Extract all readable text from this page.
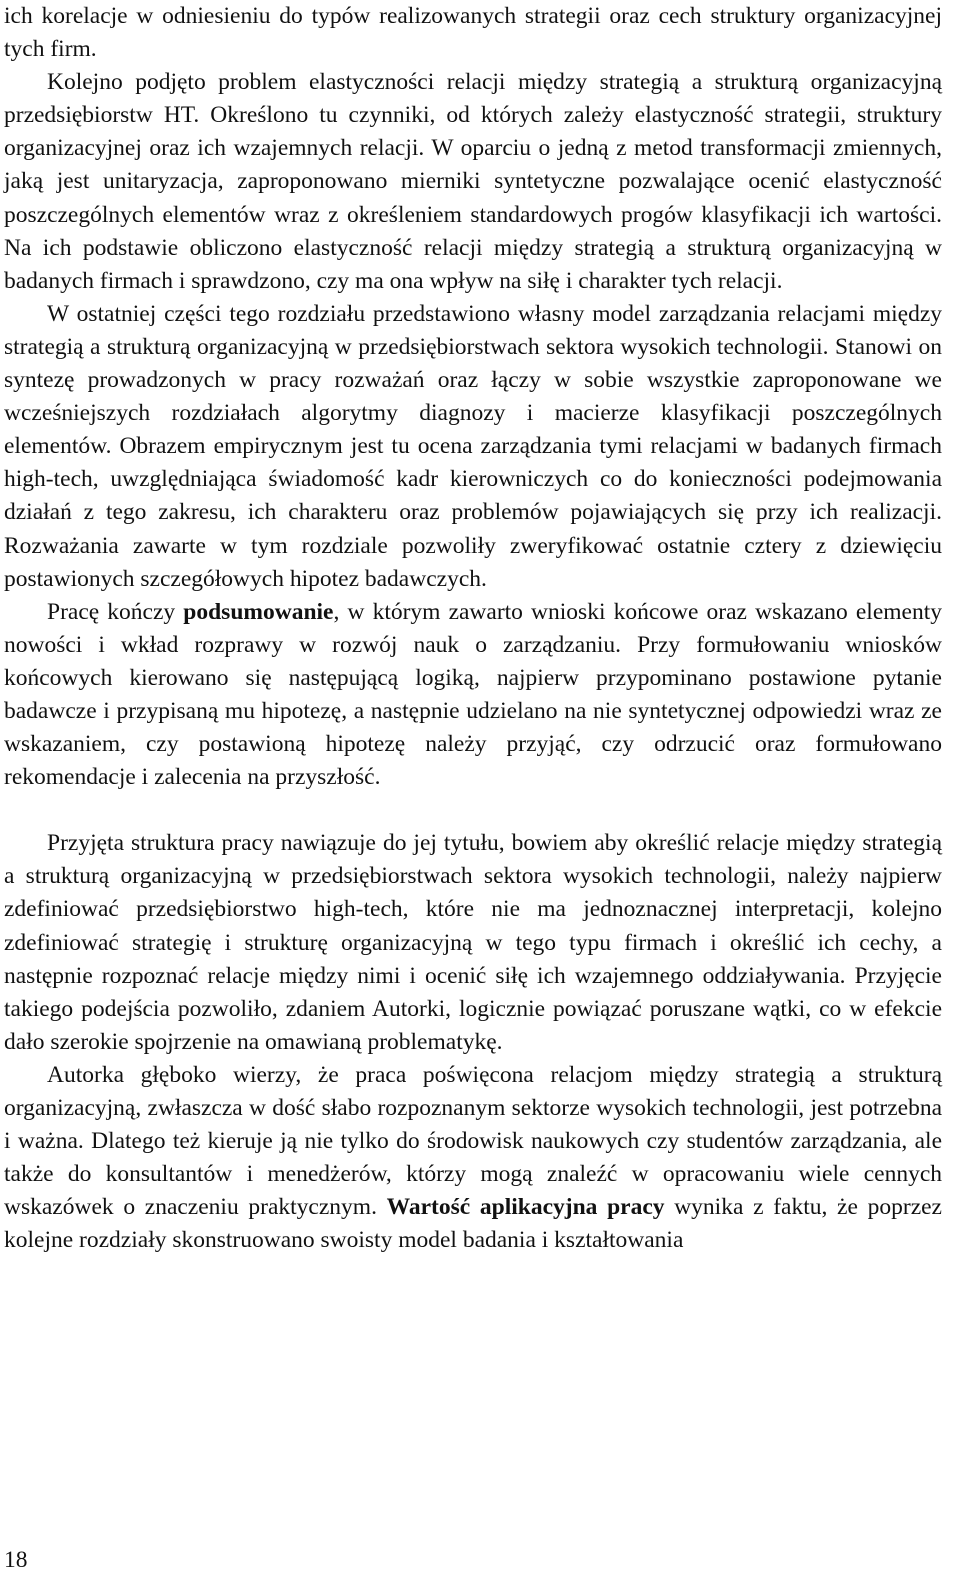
ich korelacje w odniesieniu do typów realizowanych strategii oraz cech struktury organizacyjnej tych firm.

Kolejno podjęto problem elastyczności relacji między strategią a strukturą organizacyjną przedsiębiorstw HT. Określono tu czynniki, od których zależy elastyczność strategii, struktury organizacyjnej oraz ich wzajemnych relacji. W oparciu o jedną z metod transformacji zmiennych, jaką jest unitaryzacja, zaproponowano mierniki syntetyczne pozwalające ocenić elastyczność poszczególnych elementów wraz z określeniem standardowych progów klasyfikacji ich wartości. Na ich podstawie obliczono elastyczność relacji między strategią a strukturą organizacyjną w badanych firmach i sprawdzono, czy ma ona wpływ na siłę i charakter tych relacji.

W ostatniej części tego rozdziału przedstawiono własny model zarządzania relacjami między strategią a strukturą organizacyjną w przedsiębiorstwach sektora wysokich technologii. Stanowi on syntezę prowadzonych w pracy rozważań oraz łączy w sobie wszystkie zaproponowane we wcześniejszych rozdziałach algorytmy diagnozy i macierze klasyfikacji poszczególnych elementów. Obrazem empirycznym jest tu ocena zarządzania tymi relacjami w badanych firmach high-tech, uwzględniająca świadomość kadr kierowniczych co do konieczności podejmowania działań z tego zakresu, ich charakteru oraz problemów pojawiających się przy ich realizacji. Rozważania zawarte w tym rozdziale pozwoliły zweryfikować ostatnie cztery z dziewięciu postawionych szczegółowych hipotez badawczych.

Pracę kończy podsumowanie, w którym zawarto wnioski końcowe oraz wskazano elementy nowości i wkład rozprawy w rozwój nauk o zarządzaniu. Przy formułowaniu wniosków końcowych kierowano się następującą logiką, najpierw przypominano postawione pytanie badawcze i przypisaną mu hipotezę, a następnie udzielano na nie syntetycznej odpowiedzi wraz ze wskazaniem, czy postawioną hipotezę należy przyjąć, czy odrzucić oraz formułowano rekomendacje i zalecenia na przyszłość.

Przyjęta struktura pracy nawiązuje do jej tytułu, bowiem aby określić relacje między strategią a strukturą organizacyjną w przedsiębiorstwach sektora wysokich technologii, należy najpierw zdefiniować przedsiębiorstwo high-tech, które nie ma jednoznacznej interpretacji, kolejno zdefiniować strategię i strukturę organizacyjną w tego typu firmach i określić ich cechy, a następnie rozpoznać relacje między nimi i ocenić siłę ich wzajemnego oddziaływania. Przyjęcie takiego podejścia pozwoliło, zdaniem Autorki, logicznie powiązać poruszane wątki, co w efekcie dało szerokie spojrzenie na omawianą problematykę.

Autorka głęboko wierzy, że praca poświęcona relacjom między strategią a strukturą organizacyjną, zwłaszcza w dość słabo rozpoznanym sektorze wysokich technologii, jest potrzebna i ważna. Dlatego też kieruje ją nie tylko do środowisk naukowych czy studentów zarządzania, ale także do konsultantów i menedżerów, którzy mogą znaleźć w opracowaniu wiele cennych wskazówek o znaczeniu praktycznym. Wartość aplikacyjna pracy wynika z faktu, że poprzez kolejne rozdziały skonstruowano swoisty model badania i kształtowania

18
